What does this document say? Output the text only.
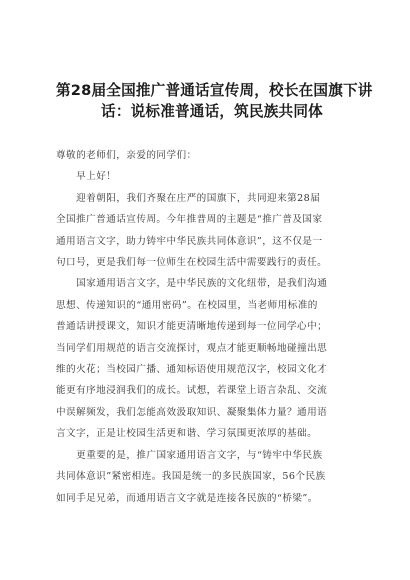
第28届全国推广普通话宣传周，校长在国旗下讲
话：说标准普通话，筑民族共同体

尊敬的老师们，亲爱的同学们：

早上好！

迎着朝阳，我们齐聚在庄严的国旗下，共同迎来第28届
全国推广普通话宣传周。今年推普周的主题是“推广普及国家
通用语言文字，助力铸牢中华民族共同体意识”，这不仅是一
句口号，更是我们每一位师生在校园生活中需要践行的责任。

国家通用语言文字，是中华民族的文化纽带，是我们沟通
思想、传递知识的“通用密码”。在校园里，当老师用标准的
普通话讲授课文，知识才能更清晰地传递到每一位同学心中；
当同学们用规范的语言交流探讨，观点才能更顺畅地碰撞出思
维的火花；当校园广播、通知标语使用规范汉字，校园文化才
能更有序地浸润我们的成长。试想，若课堂上语言杂乱、交流
中误解频发，我们怎能高效汲取知识、凝聚集体力量？通用语
言文字，正是让校园生活更和谐、学习氛围更浓厚的基础。

更重要的是，推广国家通用语言文字，与“铸牢中华民族
共同体意识”紧密相连。我国是统一的多民族国家，56个民族
如同手足兄弟，而通用语言文字就是连接各民族的“桥梁”。
